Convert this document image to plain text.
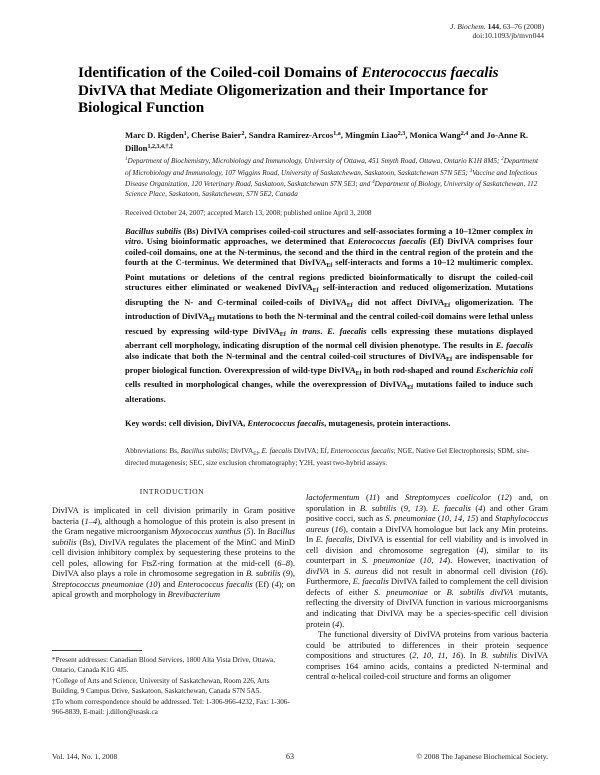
J. Biochem. 144, 63–76 (2008)
doi:10.1093/jb/mvn044
Identification of the Coiled-coil Domains of Enterococcus faecalis DivIVA that Mediate Oligomerization and their Importance for Biological Function
Marc D. Rigden$^1$, Cherise Baier$^2$, Sandra Ramirez-Arcos$^{1,a}$, Mingmin Liao$^{2,3}$, Monica Wang$^{2,4}$ and Jo-Anne R. Dillon$^{1,2,3,4,\dagger,\ddagger}$
$^1$Department of Biochemistry, Microbiology and Immunology, University of Ottawa, 451 Smyth Road, Ottawa, Ontario K1H 8M5; $^2$Department of Microbiology and Immunology, 107 Wiggins Road, University of Saskatchewan, Saskatoon, Saskatchewan S7N 5E5; $^3$Vaccine and Infectious Disease Organization, 120 Veterinary Road, Saskatoon, Saskatchewan S7N 5E3; and $^4$Department of Biology, University of Saskatchewan, 112 Science Place, Saskatoon, Saskatchewan, S7N 5E2, Canada
Received October 24, 2007; accepted March 13, 2008; published online April 3, 2008
Bacillus subtilis (Bs) DivIVA comprises coiled-coil structures and self-associates forming a 10–12mer complex in vitro. Using bioinformatic approaches, we determined that Enterococcus faecalis (Ef) DivIVA comprises four coiled-coil domains, one at the N-terminus, the second and the third in the central region of the protein and the fourth at the C-terminus. We determined that DivIVA$_{Ef}$ self-interacts and forms a 10–12 multimeric complex. Point mutations or deletions of the central regions predicted bioinformatically to disrupt the coiled-coil structures either eliminated or weakened DivIVA$_{Ef}$ self-interaction and reduced oligomerization. Mutations disrupting the N- and C-terminal coiled-coils of DivIVA$_{Ef}$ did not affect DivIVA$_{Ef}$ oligomerization. The introduction of DivIVA$_{Ef}$ mutations to both the N-terminal and the central coiled-coil domains were lethal unless rescued by expressing wild-type DivIVA$_{Ef}$ in trans. E. faecalis cells expressing these mutations displayed aberrant cell morphology, indicating disruption of the normal cell division phenotype. The results in E. faecalis also indicate that both the N-terminal and the central coiled-coil structures of DivIVA$_{Ef}$ are indispensable for proper biological function. Overexpression of wild-type DivIVA$_{Ef}$ in both rod-shaped and round Escherichia coli cells resulted in morphological changes, while the overexpression of DivIVA$_{Ef}$ mutations failed to induce such alterations.
Key words: cell division, DivIVA, Enterococcus faecalis, mutagenesis, protein interactions.
Abbreviations: Bs, Bacillus subtilis; DivIVA$_{Ef}$, E. faecalis DivIVA; Ef, Enterococcus faecalis; NGE, Native Gel Electrophoresis; SDM, site-directed mutagenesis; SEC, size exclusion chromatography; Y2H, yeast two-hybrid assays.
INTRODUCTION
DivIVA is implicated in cell division primarily in Gram positive bacteria (1–4), although a homologue of this protein is also present in the Gram negative microorganism Myxococcus xanthus (5). In Bacillus subtilis (Bs), DivIVA regulates the placement of the MinC and MinD cell division inhibitory complex by sequestering these proteins to the cell poles, allowing for FtsZ-ring formation at the mid-cell (6–8). DivIVA also plays a role in chromosome segregation in B. subtilis (9), Streptococcus pneumoniae (10) and Enterococcus faecalis (Ef) (4); on apical growth and morphology in Brevibacterium
*Present addresses: Canadian Blood Services, 1800 Alta Vista Drive, Ottawa, Ontario, Canada K1G 4J5.
†College of Arts and Science, University of Saskatchewan, Room 226, Arts Building, 9 Campus Drive, Saskatoon, Saskatchewan, Canada S7N 5A5.
‡To whom correspondence should be addressed. Tel: 1-306-966-4232, Fax: 1-306-966-8839, E-mail: j.dillon@usask.ca
lactofermentum (11) and Streptomyces coelicolor (12) and, on sporulation in B. subtilis (9, 13). E. faecalis (4) and other Gram positive cocci, such as S. pneumoniae (10, 14, 15) and Staphylococcus aureus (16), contain a DivIVA homologue but lack any Min proteins. In E. faecalis, DivIVA is essential for cell viability and is involved in cell division and chromosome segregation (4), similar to its counterpart in S. pneumoniae (10, 14). However, inactivation of divIVA in S. aureus did not result in abnormal cell division (16). Furthermore, E. faecalis DivIVA failed to complement the cell division defects of either S. pneumoniae or B. subtilis divIVA mutants, reflecting the diversity of DivIVA function in various microorganisms and indicating that DivIVA may be a species-specific cell division protein (4).
The functional diversity of DivIVA proteins from various bacteria could be attributed to differences in their protein sequence compositions and structures (2, 10, 11, 16). In B. subtilis DivIVA comprises 164 amino acids, contains a predicted N-terminal and central α-helical coiled-coil structure and forms an oligomer
Vol. 144, No. 1, 2008	63	© 2008 The Japanese Biochemical Society.
